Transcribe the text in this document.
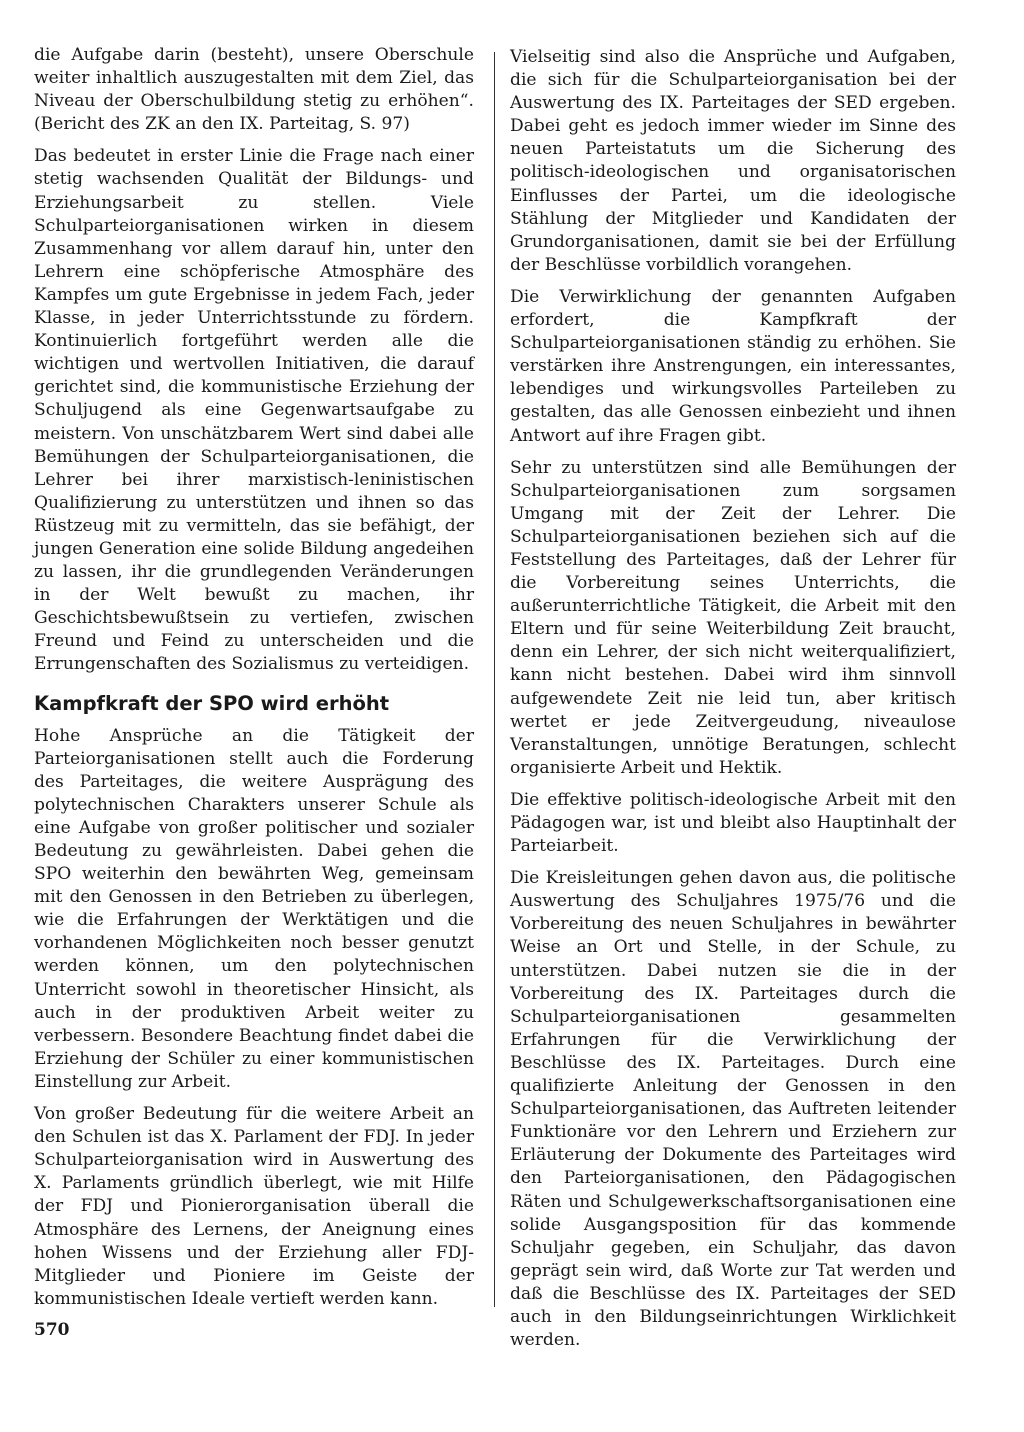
die Aufgabe darin (besteht), unsere Oberschule weiter inhaltlich auszugestalten mit dem Ziel, das Niveau der Oberschulbildung stetig zu erhöhen“. (Bericht des ZK an den IX. Parteitag, S. 97)

Das bedeutet in erster Linie die Frage nach einer stetig wachsenden Qualität der Bildungs- und Erziehungsarbeit zu stellen. Viele Schulparteiorganisationen wirken in diesem Zusammenhang vor allem darauf hin, unter den Lehrern eine schöpferische Atmosphäre des Kampfes um gute Ergebnisse in jedem Fach, jeder Klasse, in jeder Unterrichtsstunde zu fördern. Kontinuierlich fortgeführt werden alle die wichtigen und wertvollen Initiativen, die darauf gerichtet sind, die kommunistische Erziehung der Schuljugend als eine Gegenwartsaufgabe zu meistern. Von unschätzbarem Wert sind dabei alle Bemühungen der Schulparteiorganisationen, die Lehrer bei ihrer marxistisch-leninistischen Qualifizierung zu unterstützen und ihnen so das Rüstzeug mit zu vermitteln, das sie befähigt, der jungen Generation eine solide Bildung angedeihen zu lassen, ihr die grundlegenden Veränderungen in der Welt bewußt zu machen, ihr Geschichtsbewußtsein zu vertiefen, zwischen Freund und Feind zu unterscheiden und die Errungenschaften des Sozialismus zu verteidigen.

Kampfkraft der SPO wird erhöht

Hohe Ansprüche an die Tätigkeit der Parteiorganisationen stellt auch die Forderung des Parteitages, die weitere Ausprägung des polytechnischen Charakters unserer Schule als eine Aufgabe von großer politischer und sozialer Bedeutung zu gewährleisten. Dabei gehen die SPO weiterhin den bewährten Weg, gemeinsam mit den Genossen in den Betrieben zu überlegen, wie die Erfahrungen der Werktätigen und die vorhandenen Möglichkeiten noch besser genutzt werden können, um den polytechnischen Unterricht sowohl in theoretischer Hinsicht, als auch in der produktiven Arbeit weiter zu verbessern. Besondere Beachtung findet dabei die Erziehung der Schüler zu einer kommunistischen Einstellung zur Arbeit.

Von großer Bedeutung für die weitere Arbeit an den Schulen ist das X. Parlament der FDJ. In jeder Schulparteiorganisation wird in Auswertung des X. Parlaments gründlich überlegt, wie mit Hilfe der FDJ und Pionierorganisation überall die Atmosphäre des Lernens, der Aneignung eines hohen Wissens und der Erziehung aller FDJ-Mitglieder und Pioniere im Geiste der kommunistischen Ideale vertieft werden kann.

Vielseitig sind also die Ansprüche und Aufgaben, die sich für die Schulparteiorganisation bei der Auswertung des IX. Parteitages der SED ergeben. Dabei geht es jedoch immer wieder im Sinne des neuen Parteistatuts um die Sicherung des politisch-ideologischen und organisatorischen Einflusses der Partei, um die ideologische Stählung der Mitglieder und Kandidaten der Grundorganisationen, damit sie bei der Erfüllung der Beschlüsse vorbildlich vorangehen.

Die Verwirklichung der genannten Aufgaben erfordert, die Kampfkraft der Schulparteiorganisationen ständig zu erhöhen. Sie verstärken ihre Anstrengungen, ein interessantes, lebendiges und wirkungsvolles Parteileben zu gestalten, das alle Genossen einbezieht und ihnen Antwort auf ihre Fragen gibt.

Sehr zu unterstützen sind alle Bemühungen der Schulparteiorganisationen zum sorgsamen Umgang mit der Zeit der Lehrer. Die Schulparteiorganisationen beziehen sich auf die Feststellung des Parteitages, daß der Lehrer für die Vorbereitung seines Unterrichts, die außerunterrichtliche Tätigkeit, die Arbeit mit den Eltern und für seine Weiterbildung Zeit braucht, denn ein Lehrer, der sich nicht weiterqualifiziert, kann nicht bestehen. Dabei wird ihm sinnvoll aufgewendete Zeit nie leid tun, aber kritisch wertet er jede Zeitvergeudung, niveaulose Veranstaltungen, unnötige Beratungen, schlecht organisierte Arbeit und Hektik.

Die effektive politisch-ideologische Arbeit mit den Pädagogen war, ist und bleibt also Hauptinhalt der Parteiarbeit.

Die Kreisleitungen gehen davon aus, die politische Auswertung des Schuljahres 1975/76 und die Vorbereitung des neuen Schuljahres in bewährter Weise an Ort und Stelle, in der Schule, zu unterstützen. Dabei nutzen sie die in der Vorbereitung des IX. Parteitages durch die Schulparteiorganisationen gesammelten Erfahrungen für die Verwirklichung der Beschlüsse des IX. Parteitages. Durch eine qualifizierte Anleitung der Genossen in den Schulparteiorganisationen, das Auftreten leitender Funktionäre vor den Lehrern und Erziehern zur Erläuterung der Dokumente des Parteitages wird den Parteiorganisationen, den Pädagogischen Räten und Schulgewerkschaftsorganisationen eine solide Ausgangsposition für das kommende Schuljahr gegeben, ein Schuljahr, das davon geprägt sein wird, daß Worte zur Tat werden und daß die Beschlüsse des IX. Parteitages der SED auch in den Bildungseinrichtungen Wirklichkeit werden.

570
